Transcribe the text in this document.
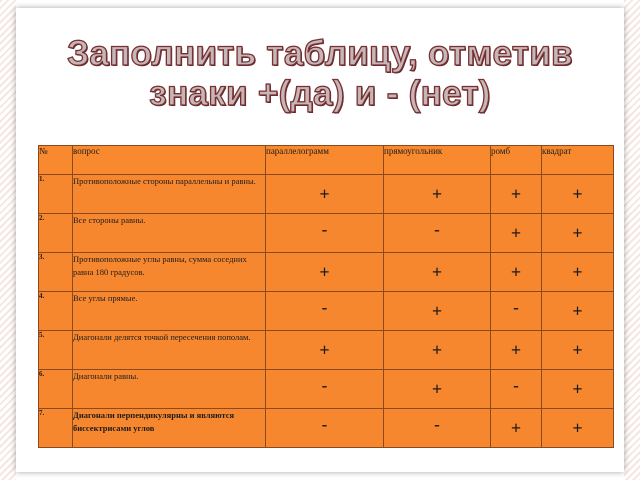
Заполнить таблицу, отметив
знаки +(да) и - (нет)
№	вопрос	параллелограмм	прямоугольник	ромб	квадрат
1.	Противоположные стороны параллельны и равны.	+	+	+	+
2.	Все стороны равны.	-	-	+	+
3.	Противоположные углы равны, сумма соседних равна 180 градусов.	+	+	+	+
4.	Все углы прямые.	-	+	-	+
5.	Диагонали делятся точкой пересечения пополам.	+	+	+	+
6.	Диагонали равны.	-	+	-	+
7.	Диагонали перпендикулярны и являются биссектрисами углов	-	-	+	+
